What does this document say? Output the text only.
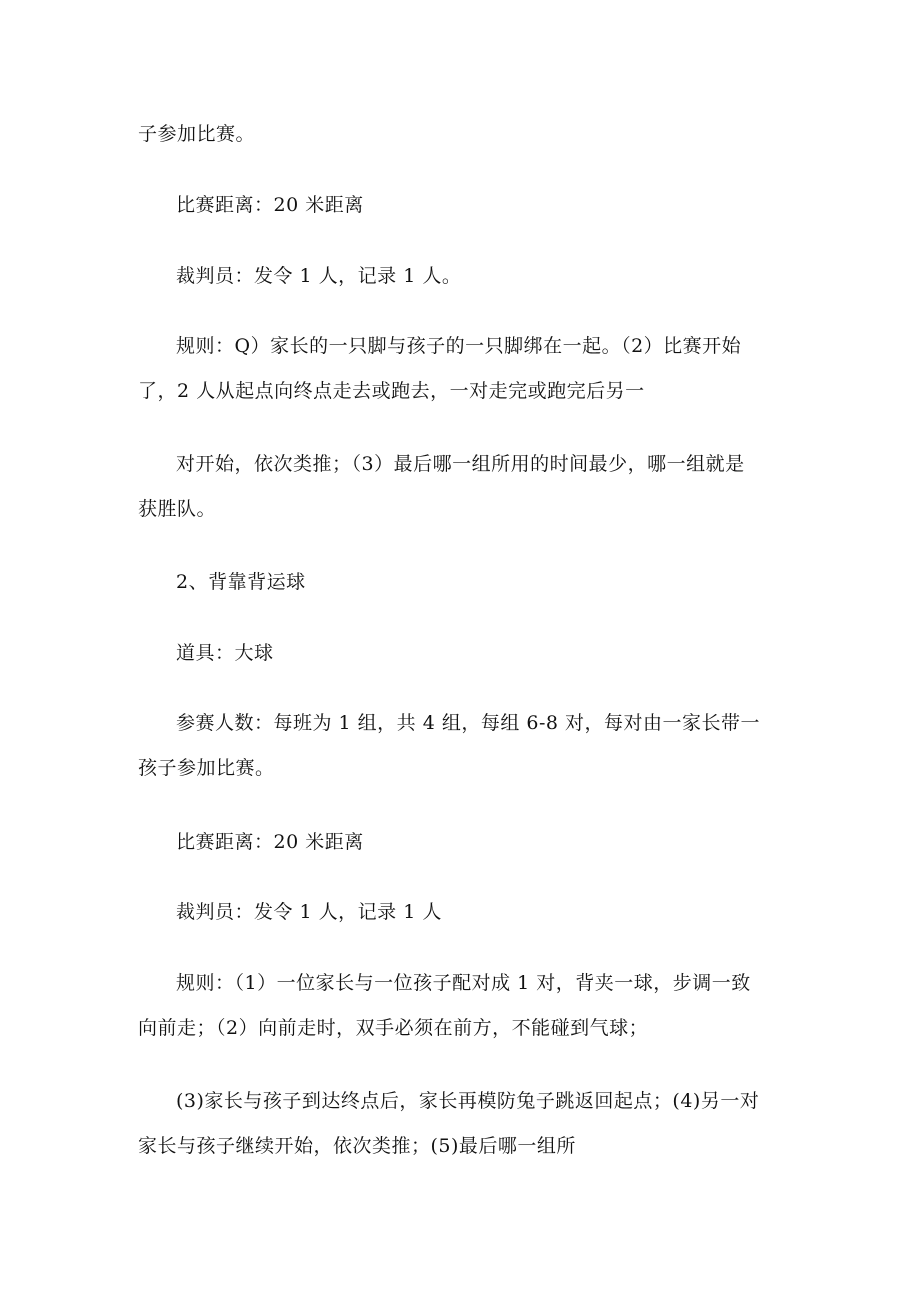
子参加比赛。

比赛距离：20 米距离

裁判员：发令 1 人，记录 1 人。

规则：Q）家长的一只脚与孩子的一只脚绑在一起。（2）比赛开始
了，2 人从起点向终点走去或跑去，一对走完或跑完后另一

对开始，依次类推；（3）最后哪一组所用的时间最少，哪一组就是
获胜队。

2、背靠背运球

道具：大球

参赛人数：每班为 1 组，共 4 组，每组 6-8 对，每对由一家长带一
孩子参加比赛。

比赛距离：20 米距离

裁判员：发令 1 人，记录 1 人

规则：（1）一位家长与一位孩子配对成 1 对，背夹一球，步调一致
向前走；（2）向前走时，双手必须在前方，不能碰到气球；

(3)家长与孩子到达终点后，家长再模防兔子跳返回起点；(4)另一对
家长与孩子继续开始，依次类推；(5)最后哪一组所
